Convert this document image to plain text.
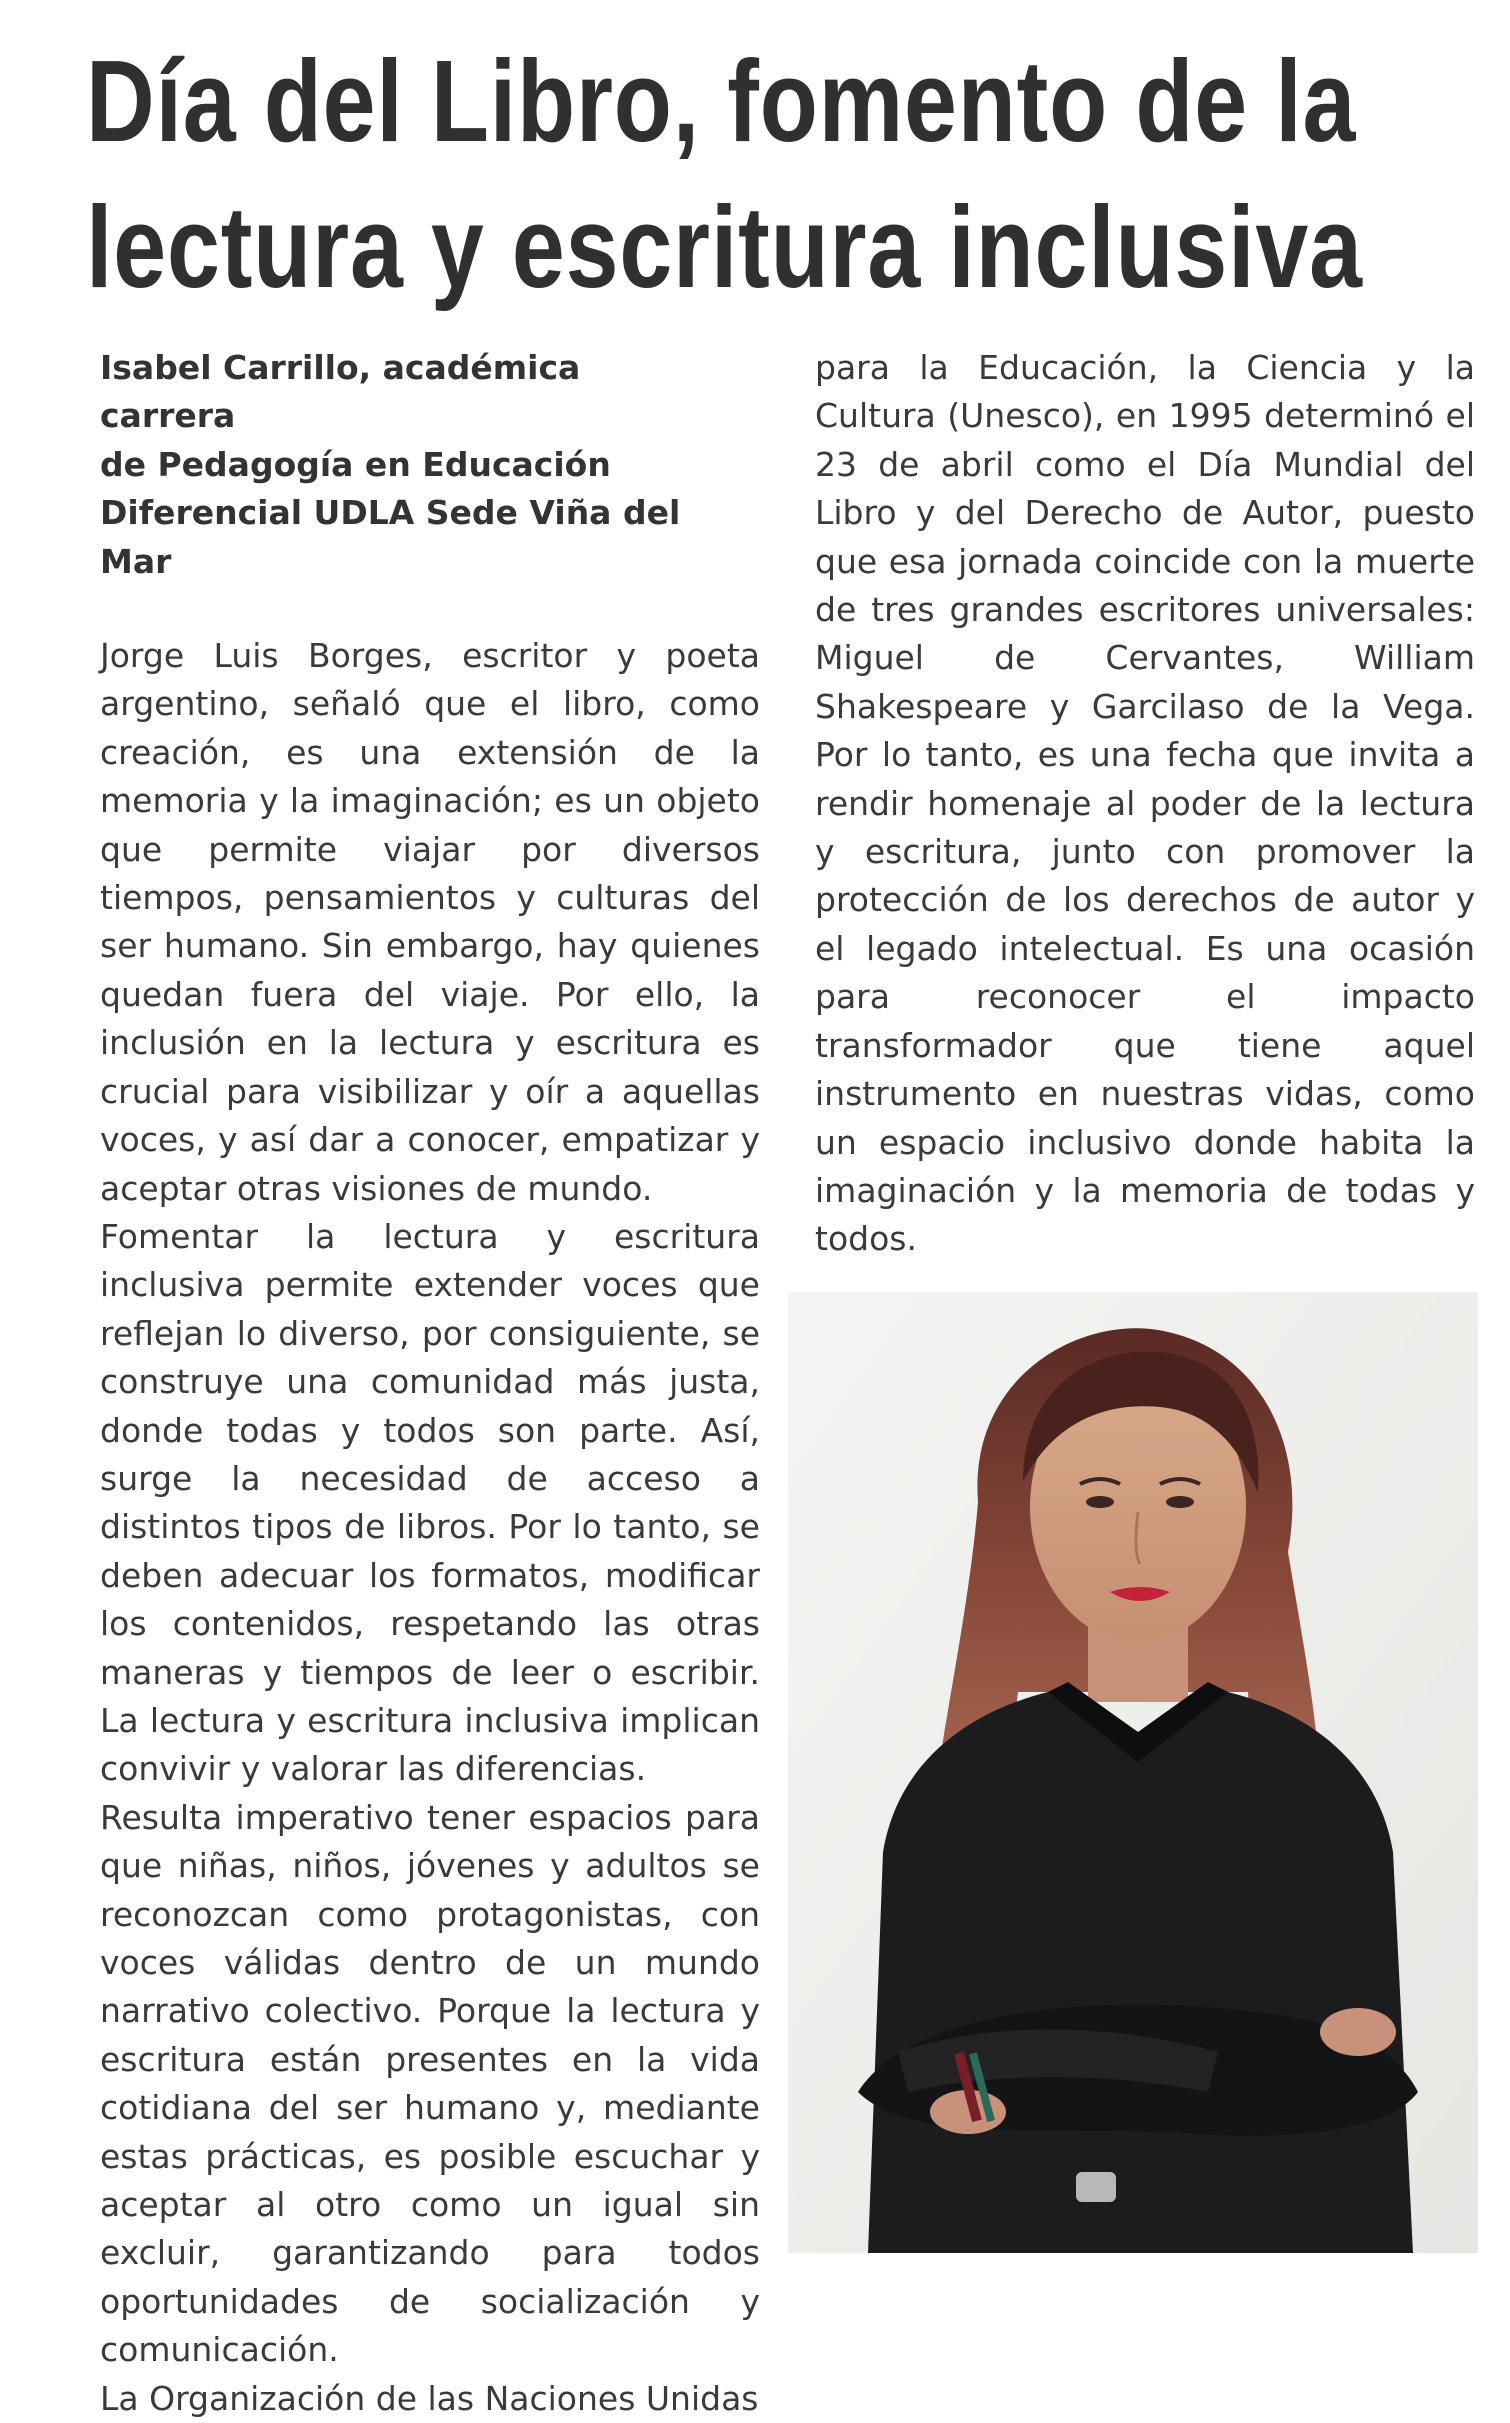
Día del Libro, fomento de la
lectura y escritura inclusiva
Isabel Carrillo, académica carrera
de Pedagogía en Educación
Diferencial UDLA Sede Viña del Mar

Jorge Luis Borges, escritor y poeta argentino, señaló que el libro, como creación, es una extensión de la memoria y la imaginación; es un objeto que permite viajar por diversos tiempos, pensamientos y culturas del ser humano. Sin embargo, hay quienes quedan fuera del viaje. Por ello, la inclusión en la lectura y escritura es crucial para visibilizar y oír a aquellas voces, y así dar a conocer, empatizar y aceptar otras visiones de mundo.

Fomentar la lectura y escritura inclusiva permite extender voces que reflejan lo diverso, por consiguiente, se construye una comunidad más justa, donde todas y todos son parte. Así, surge la necesidad de acceso a distintos tipos de libros. Por lo tanto, se deben adecuar los formatos, modificar los contenidos, respetando las otras maneras y tiempos de leer o escribir. La lectura y escritura inclusiva implican convivir y valorar las diferencias.

Resulta imperativo tener espacios para que niñas, niños, jóvenes y adultos se reconozcan como protagonistas, con voces válidas dentro de un mundo narrativo colectivo. Porque la lectura y escritura están presentes en la vida cotidiana del ser humano y, mediante estas prácticas, es posible escuchar y aceptar al otro como un igual sin excluir, garantizando para todos oportunidades de socialización y comunicación.

La Organización de las Naciones Unidas

para la Educación, la Ciencia y la Cultura (Unesco), en 1995 determinó el 23 de abril como el Día Mundial del Libro y del Derecho de Autor, puesto que esa jornada coincide con la muerte de tres grandes escritores universales: Miguel de Cervantes, William Shakespeare y Garcilaso de la Vega. Por lo tanto, es una fecha que invita a rendir homenaje al poder de la lectura y escritura, junto con promover la protección de los derechos de autor y el legado intelectual. Es una ocasión para reconocer el impacto transformador que tiene aquel instrumento en nuestras vidas, como un espacio inclusivo donde habita la imaginación y la memoria de todas y todos.
